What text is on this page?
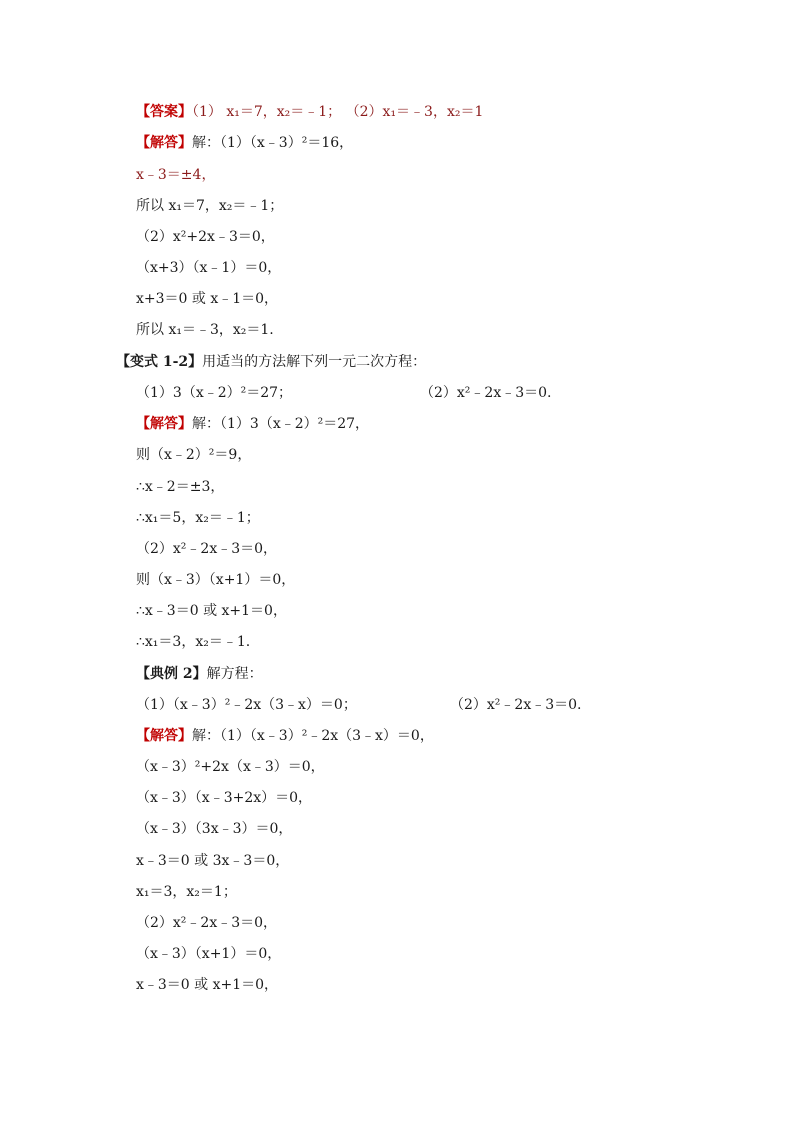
【答案】（1） x₁＝7，x₂＝﹣1； （2）x₁＝﹣3，x₂＝1
【解答】解：（1）（x﹣3）²＝16，
x﹣3＝±4，
所以 x₁＝7，x₂＝﹣1；
（2）x²+2x﹣3＝0，
（x+3）（x﹣1）＝0，
x+3＝0 或 x﹣1＝0，
所以 x₁＝﹣3，x₂＝1.
【变式 1-2】用适当的方法解下列一元二次方程：
（1）3（x﹣2）²＝27；	（2）x²﹣2x﹣3＝0.
【解答】解：（1）3（x﹣2）²＝27，
则（x﹣2）²＝9，
∴x﹣2＝±3，
∴x₁＝5，x₂＝﹣1；
（2）x²﹣2x﹣3＝0，
则（x﹣3）（x+1）＝0，
∴x﹣3＝0 或 x+1＝0，
∴x₁＝3，x₂＝﹣1.
【典例 2】解方程：
（1）（x﹣3）²﹣2x（3﹣x）＝0；	（2）x²﹣2x﹣3＝0.
【解答】解：（1）（x﹣3）²﹣2x（3﹣x）＝0，
（x﹣3）²+2x（x﹣3）＝0，
（x﹣3）（x﹣3+2x）＝0，
（x﹣3）（3x﹣3）＝0，
x﹣3＝0 或 3x﹣3＝0，
x₁＝3，x₂＝1；
（2）x²﹣2x﹣3＝0，
（x﹣3）（x+1）＝0，
x﹣3＝0 或 x+1＝0，
